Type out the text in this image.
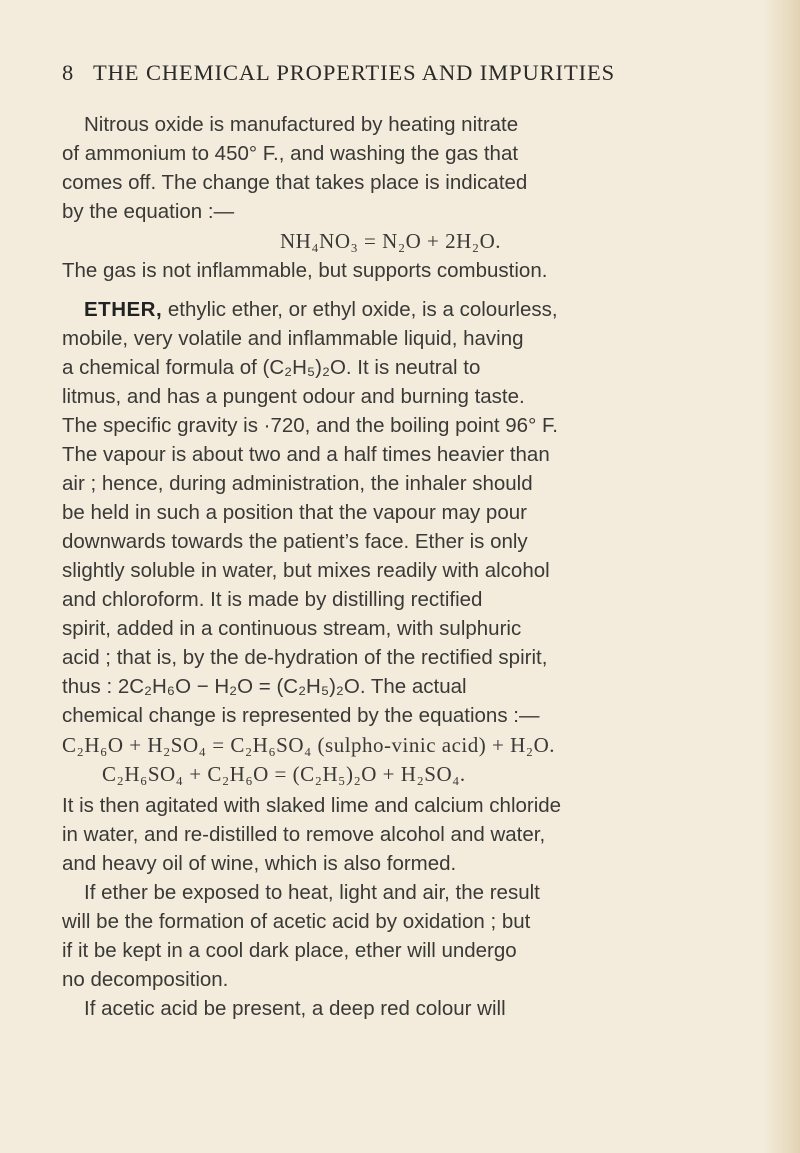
8 THE CHEMICAL PROPERTIES AND IMPURITIES
Nitrous oxide is manufactured by heating nitrate
of ammonium to 450° F., and washing the gas that
comes off. The change that takes place is indicated
by the equation :—
NH₄NO₃ = N₂O + 2H₂O.
The gas is not inflammable, but supports combustion.
ETHER, ethylic ether, or ethyl oxide, is a colourless,
mobile, very volatile and inflammable liquid, having
a chemical formula of (C₂H₅)₂O. It is neutral to
litmus, and has a pungent odour and burning taste.
The specific gravity is ·720, and the boiling point 96° F.
The vapour is about two and a half times heavier than
air ; hence, during administration, the inhaler should
be held in such a position that the vapour may pour
downwards towards the patient’s face. Ether is only
slightly soluble in water, but mixes readily with alcohol
and chloroform. It is made by distilling rectified
spirit, added in a continuous stream, with sulphuric
acid ; that is, by the de-hydration of the rectified spirit,
thus : 2C₂H₆O − H₂O = (C₂H₅)₂O. The actual
chemical change is represented by the equations :—
C₂H₆O + H₂SO₄ = C₂H₆SO₄ (sulpho-vinic acid) + H₂O.
C₂H₆SO₄ + C₂H₆O = (C₂H₅)₂O + H₂SO₄.
It is then agitated with slaked lime and calcium chloride
in water, and re-distilled to remove alcohol and water,
and heavy oil of wine, which is also formed.
If ether be exposed to heat, light and air, the result
will be the formation of acetic acid by oxidation ; but
if it be kept in a cool dark place, ether will undergo
no decomposition.
If acetic acid be present, a deep red colour will
